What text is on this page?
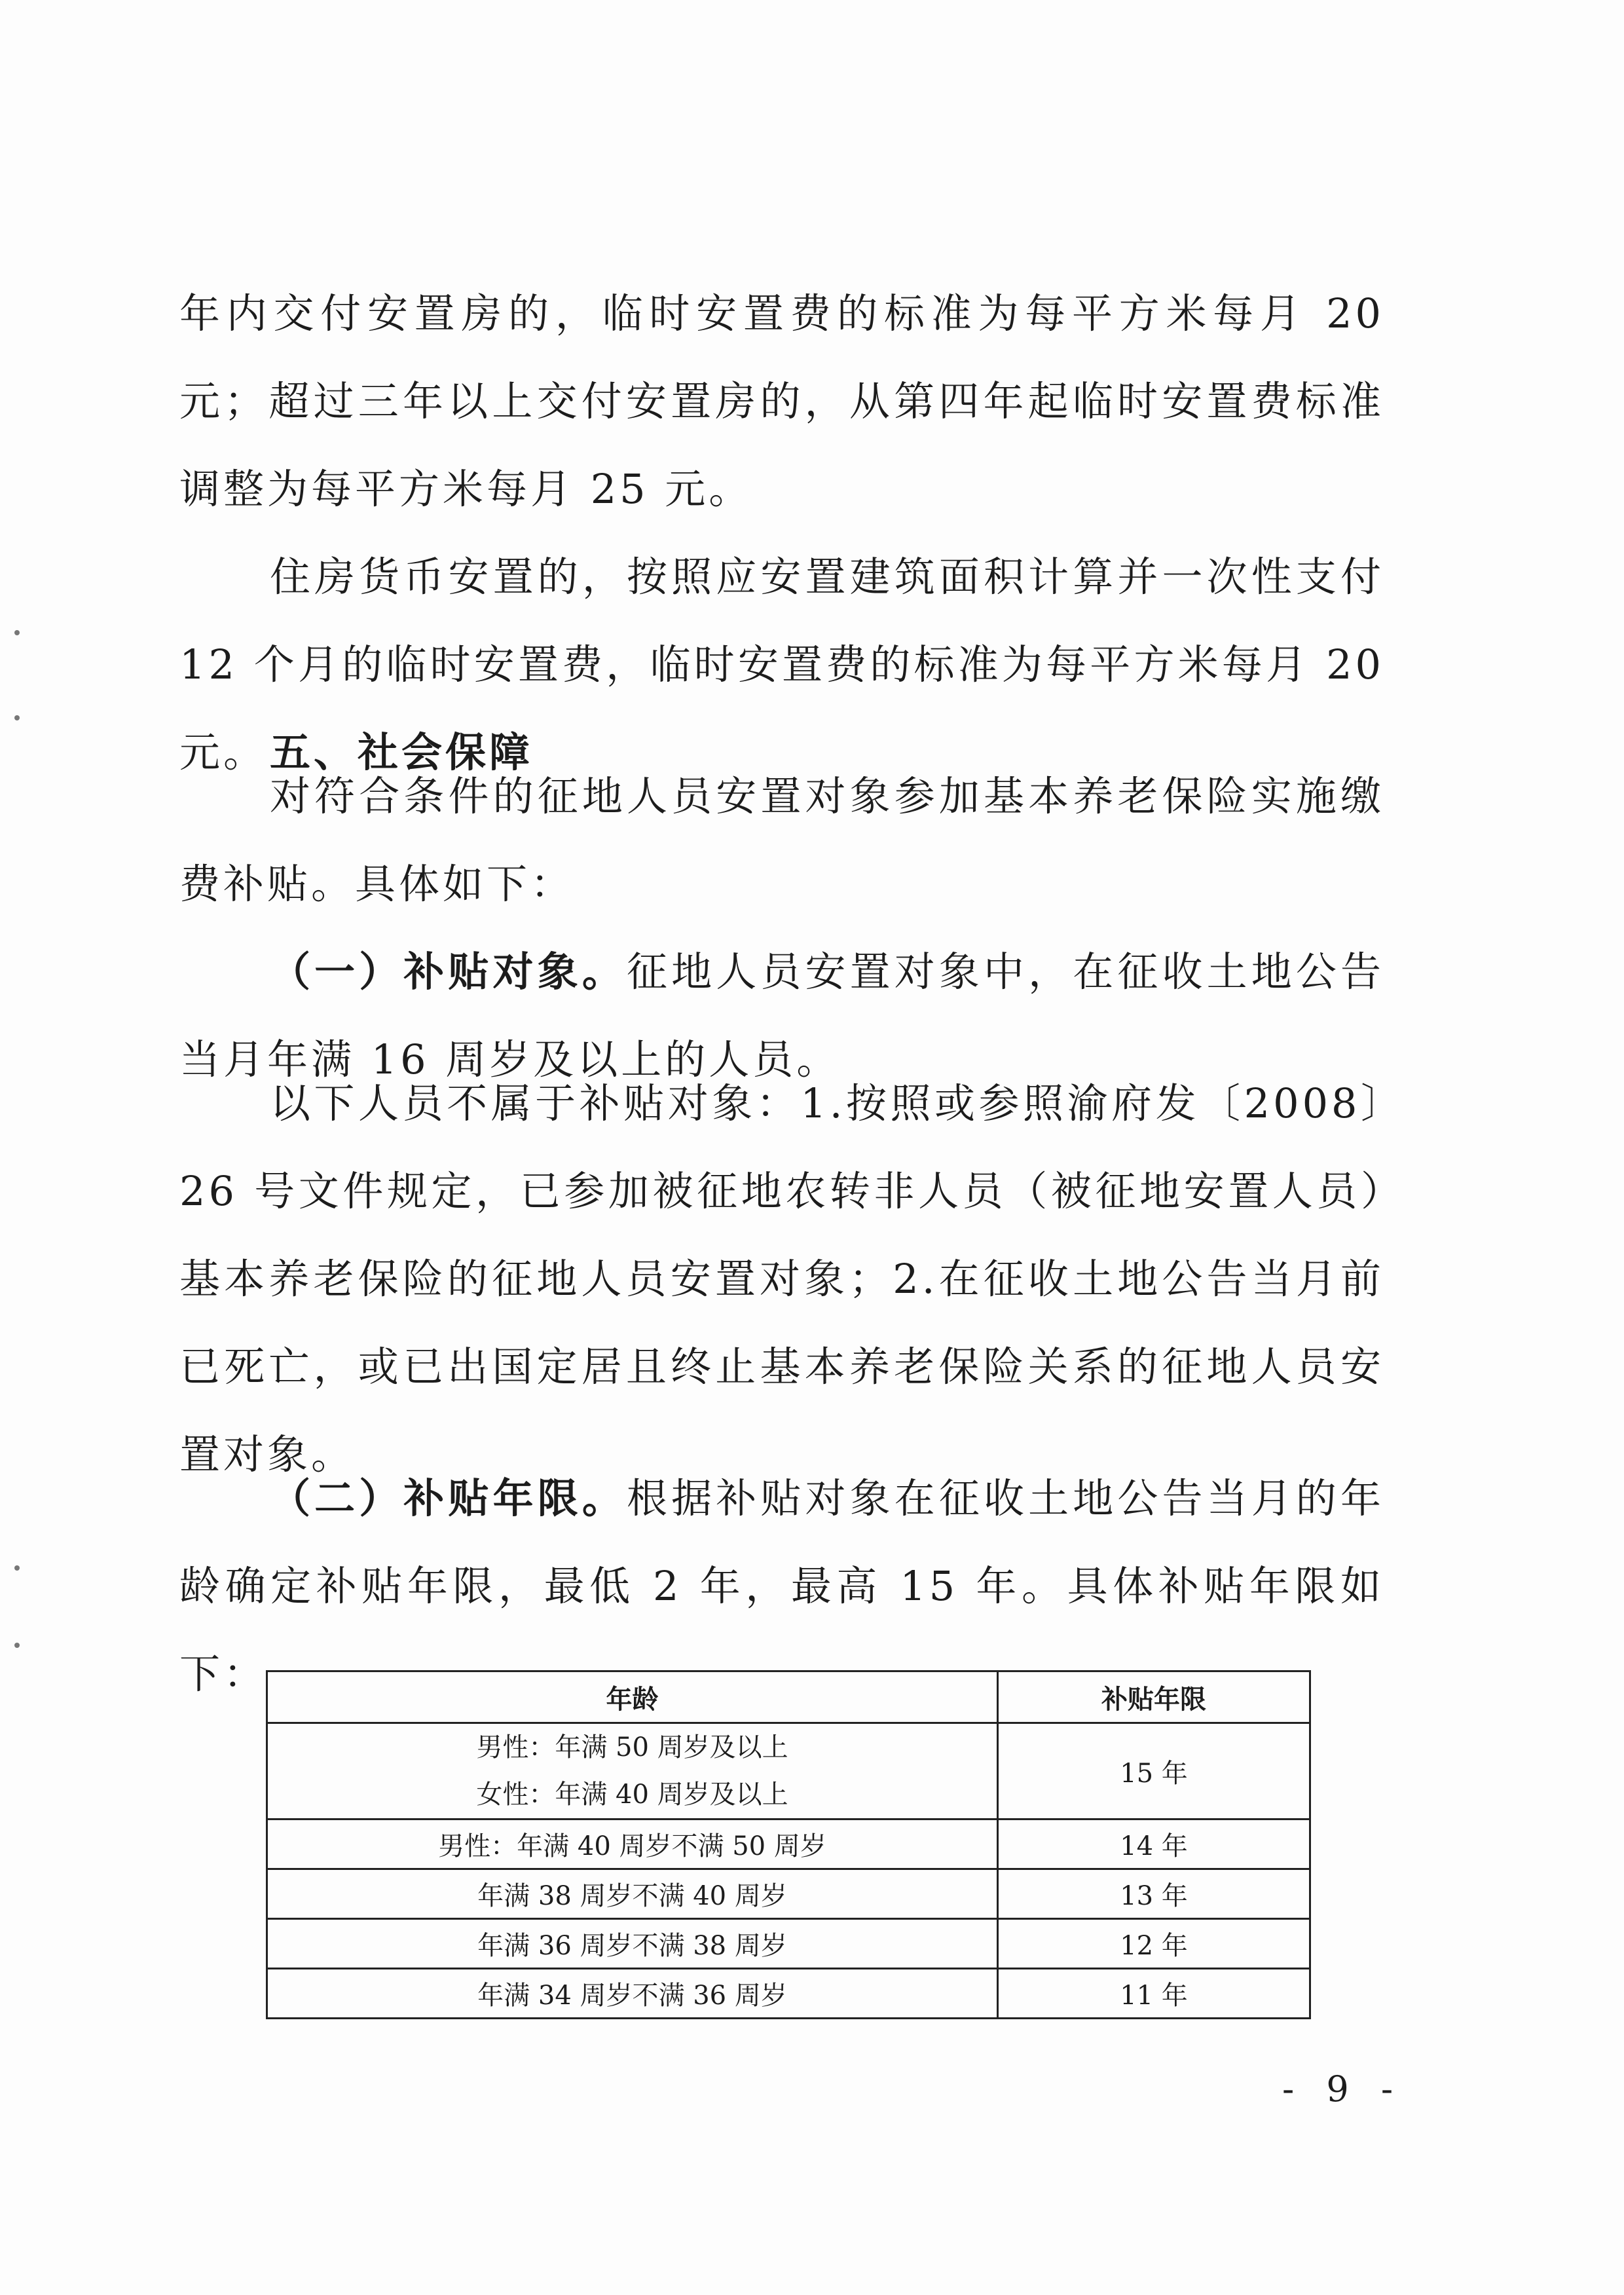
年内交付安置房的，临时安置费的标准为每平方米每月 20 元；超过三年以上交付安置房的，从第四年起临时安置费标准调整为每平方米每月 25 元。

住房货币安置的，按照应安置建筑面积计算并一次性支付 12 个月的临时安置费，临时安置费的标准为每平方米每月 20 元。 五、社会保障

对符合条件的征地人员安置对象参加基本养老保险实施缴费补贴。具体如下：

（一）补贴对象。征地人员安置对象中，在征收土地公告当月年满 16 周岁及以上的人员。

以下人员不属于补贴对象：1.按照或参照渝府发〔2008〕26 号文件规定，已参加被征地农转非人员（被征地安置人员）基本养老保险的征地人员安置对象；2.在征收土地公告当月前已死亡，或已出国定居且终止基本养老保险关系的征地人员安置对象。

（二）补贴年限。根据补贴对象在征收土地公告当月的年龄确定补贴年限，最低 2 年，最高 15 年。具体补贴年限如下：

年龄	补贴年限

男性：年满 50 周岁及以上
女性：年满 40 周岁及以上	15 年
男性：年满 40 周岁不满 50 周岁	14 年
年满 38 周岁不满 40 周岁	13 年
年满 36 周岁不满 38 周岁	12 年
年满 34 周岁不满 36 周岁	11 年
- 9 -
